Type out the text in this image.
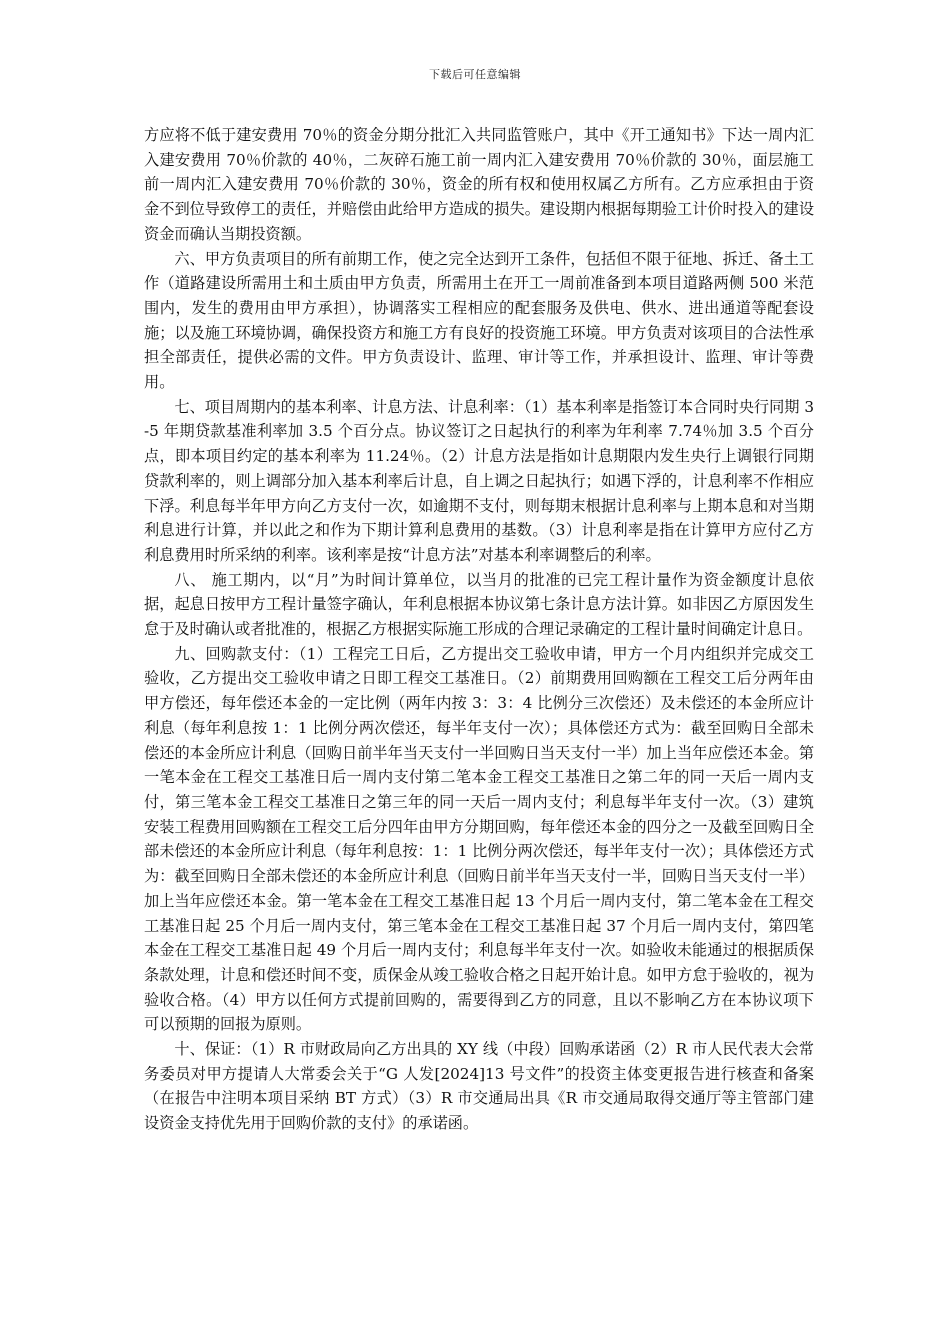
下载后可任意编辑

方应将不低于建安费用 70％的资金分期分批汇入共同监管账户，其中《开工通知书》下达一周内汇入建安费用 70％价款的 40％，二灰碎石施工前一周内汇入建安费用 70％价款的 30％，面层施工前一周内汇入建安费用 70％价款的 30％，资金的所有权和使用权属乙方所有。乙方应承担由于资金不到位导致停工的责任，并赔偿由此给甲方造成的损失。建设期内根据每期验工计价时投入的建设资金而确认当期投资额。

六、甲方负责项目的所有前期工作，使之完全达到开工条件，包括但不限于征地、拆迁、备土工作（道路建设所需用土和土质由甲方负责，所需用土在开工一周前准备到本项目道路两侧 500 米范围内，发生的费用由甲方承担），协调落实工程相应的配套服务及供电、供水、进出通道等配套设施；以及施工环境协调，确保投资方和施工方有良好的投资施工环境。甲方负责对该项目的合法性承担全部责任，提供必需的文件。甲方负责设计、监理、审计等工作，并承担设计、监理、审计等费用。

七、项目周期内的基本利率、计息方法、计息利率：（1）基本利率是指签订本合同时央行同期 3-5 年期贷款基准利率加 3.5 个百分点。协议签订之日起执行的利率为年利率 7.74％加 3.5 个百分点，即本项目约定的基本利率为 11.24％。（2）计息方法是指如计息期限内发生央行上调银行同期贷款利率的，则上调部分加入基本利率后计息，自上调之日起执行；如遇下浮的，计息利率不作相应下浮。利息每半年甲方向乙方支付一次，如逾期不支付，则每期末根据计息利率与上期本息和对当期利息进行计算，并以此之和作为下期计算利息费用的基数。（3）计息利率是指在计算甲方应付乙方利息费用时所采纳的利率。该利率是按“计息方法”对基本利率调整后的利率。

八、 施工期内，以“月”为时间计算单位，以当月的批准的已完工程计量作为资金额度计息依据，起息日按甲方工程计量签字确认，年利息根据本协议第七条计息方法计算。如非因乙方原因发生怠于及时确认或者批准的，根据乙方根据实际施工形成的合理记录确定的工程计量时间确定计息日。

九、回购款支付：（1）工程完工日后，乙方提出交工验收申请，甲方一个月内组织并完成交工验收，乙方提出交工验收申请之日即工程交工基准日。（2）前期费用回购额在工程交工后分两年由甲方偿还，每年偿还本金的一定比例（两年内按 3：3：4 比例分三次偿还）及未偿还的本金所应计利息（每年利息按 1：1 比例分两次偿还，每半年支付一次）；具体偿还方式为：截至回购日全部未偿还的本金所应计利息（回购日前半年当天支付一半回购日当天支付一半）加上当年应偿还本金。第一笔本金在工程交工基准日后一周内支付第二笔本金工程交工基准日之第二年的同一天后一周内支付，第三笔本金工程交工基准日之第三年的同一天后一周内支付；利息每半年支付一次。（3）建筑安装工程费用回购额在工程交工后分四年由甲方分期回购，每年偿还本金的四分之一及截至回购日全部未偿还的本金所应计利息（每年利息按：1：1 比例分两次偿还，每半年支付一次）；具体偿还方式为：截至回购日全部未偿还的本金所应计利息（回购日前半年当天支付一半，回购日当天支付一半）加上当年应偿还本金。第一笔本金在工程交工基准日起 13 个月后一周内支付，第二笔本金在工程交工基准日起 25 个月后一周内支付，第三笔本金在工程交工基准日起 37 个月后一周内支付，第四笔本金在工程交工基准日起 49 个月后一周内支付；利息每半年支付一次。如验收未能通过的根据质保条款处理，计息和偿还时间不变，质保金从竣工验收合格之日起开始计息。如甲方怠于验收的，视为验收合格。（4）甲方以任何方式提前回购的，需要得到乙方的同意，且以不影响乙方在本协议项下可以预期的回报为原则。

十、保证：（1）R 市财政局向乙方出具的 XY 线（中段）回购承诺函（2）R 市人民代表大会常务委员对甲方提请人大常委会关于“G 人发[2024]13 号文件”的投资主体变更报告进行核查和备案（在报告中注明本项目采纳 BT 方式）（3）R 市交通局出具《R 市交通局取得交通厅等主管部门建设资金支持优先用于回购价款的支付》的承诺函。
